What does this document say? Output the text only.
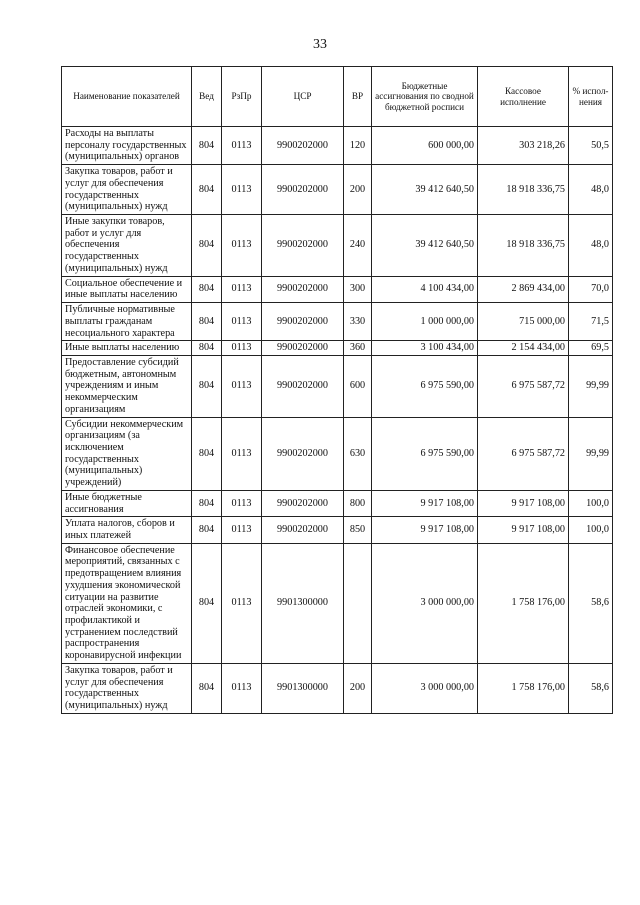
33
Наименование показателей	Вед	РзПр	ЦСР	ВР	Бюджетные ассигнования по сводной бюджетной росписи	Кассовое исполнение	% испол-нения
Расходы на выплаты персоналу государственных (муниципальных) органов	804	0113	9900202000	120	600 000,00	303 218,26	50,5
Закупка товаров, работ и услуг для обеспечения государственных (муниципальных) нужд	804	0113	9900202000	200	39 412 640,50	18 918 336,75	48,0
Иные закупки товаров, работ и услуг для обеспечения государственных (муниципальных) нужд	804	0113	9900202000	240	39 412 640,50	18 918 336,75	48,0
Социальное обеспечение и иные выплаты населению	804	0113	9900202000	300	4 100 434,00	2 869 434,00	70,0
Публичные нормативные выплаты гражданам несоциального характера	804	0113	9900202000	330	1 000 000,00	715 000,00	71,5
Иные выплаты населению	804	0113	9900202000	360	3 100 434,00	2 154 434,00	69,5
Предоставление субсидий бюджетным, автономным учреждениям и иным некоммерческим организациям	804	0113	9900202000	600	6 975 590,00	6 975 587,72	99,99
Субсидии некоммерческим организациям (за исключением государственных (муниципальных) учреждений)	804	0113	9900202000	630	6 975 590,00	6 975 587,72	99,99
Иные бюджетные ассигнования	804	0113	9900202000	800	9 917 108,00	9 917 108,00	100,0
Уплата налогов, сборов и иных платежей	804	0113	9900202000	850	9 917 108,00	9 917 108,00	100,0
Финансовое обеспечение мероприятий, связанных с предотвращением влияния ухудшения экономической ситуации на развитие отраслей экономики, с профилактикой и устранением последствий распространения коронавирусной инфекции	804	0113	9901300000		3 000 000,00	1 758 176,00	58,6
Закупка товаров, работ и услуг для обеспечения государственных (муниципальных) нужд	804	0113	9901300000	200	3 000 000,00	1 758 176,00	58,6
